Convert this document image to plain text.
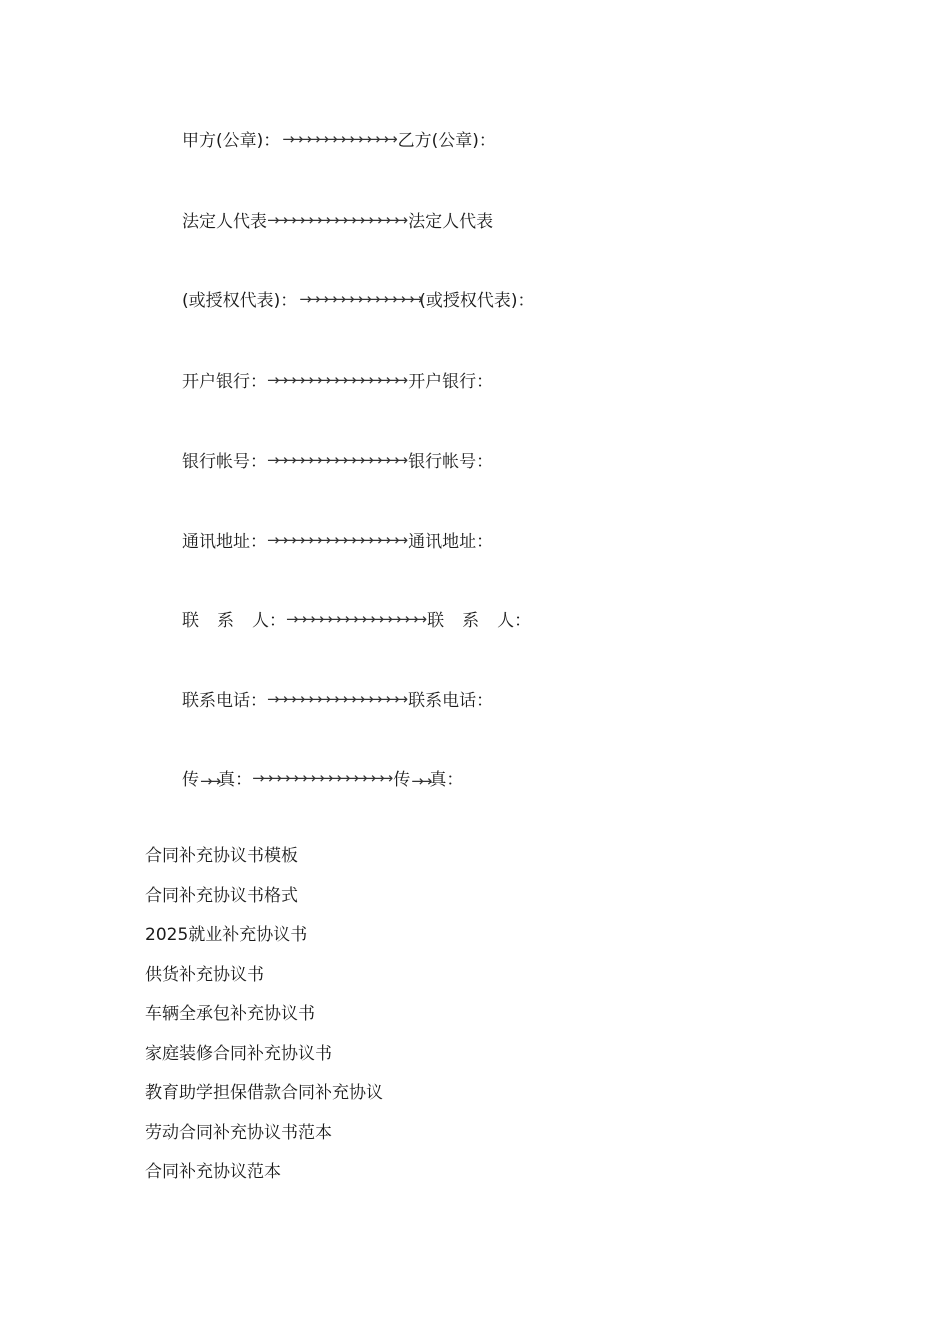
甲方(公章)： →→→→→→→→→→→→→ 乙方(公章)：
法定人代表 →→→→→→→→→→→→→→→→ 法定人代表
(或授权代表)： →→→→→→→→→→→→→→ (或授权代表)：
开户银行： →→→→→→→→→→→→→→→→ 开户银行：
银行帐号： →→→→→→→→→→→→→→→→ 银行帐号：
通讯地址： →→→→→→→→→→→→→→→→ 通讯地址：
联 系 人： →→→→→→→→→→→→→→→→ 联 系 人：
联系电话： →→→→→→→→→→→→→→→→ 联系电话：
传→→真： →→→→→→→→→→→→→→→→ 传→→真：
合同补充协议书模板
合同补充协议书格式
2025就业补充协议书
供货补充协议书
车辆全承包补充协议书
家庭装修合同补充协议书
教育助学担保借款合同补充协议
劳动合同补充协议书范本
合同补充协议范本
